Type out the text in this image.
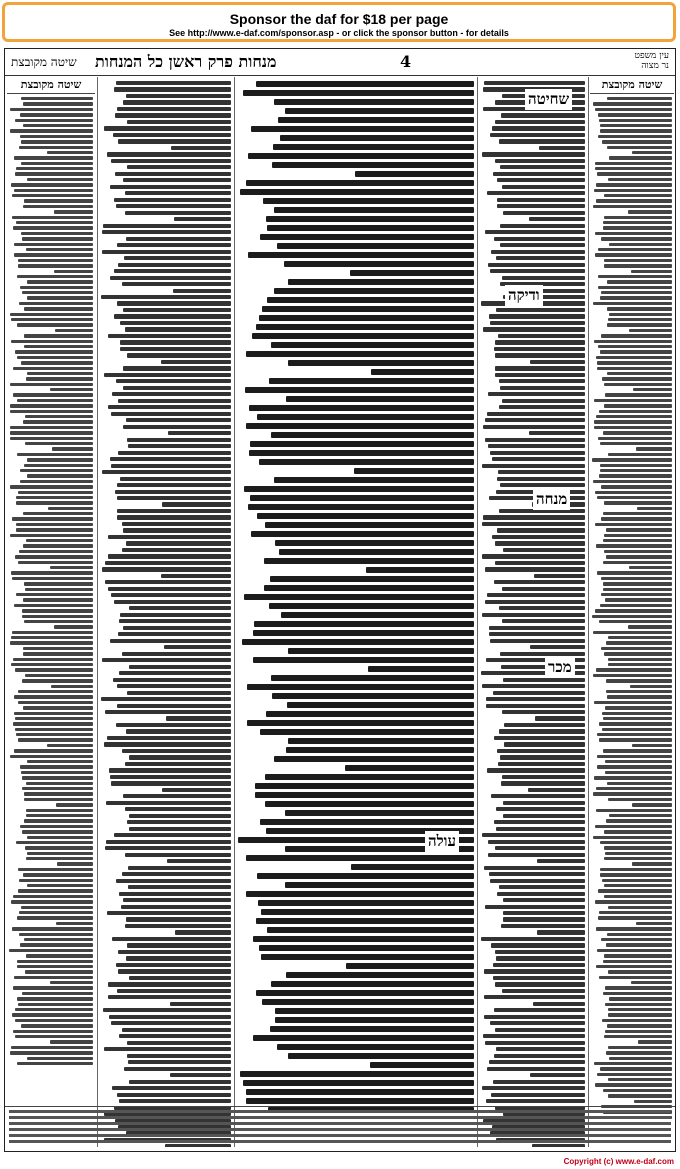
Sponsor the daf for $18 per page
See http://www.e-daf.com/sponsor.asp - or click the sponsor button - for details
שיטה מקובצת מנחות פרק ראשן כל המנחות	4	עין משפט
נר מצוה
שיטה מקובצת	שיטה מקובצת
שחיטה
ודיקה
מנחה
מכר
עולה
Copyright (c) www.e-daf.com
